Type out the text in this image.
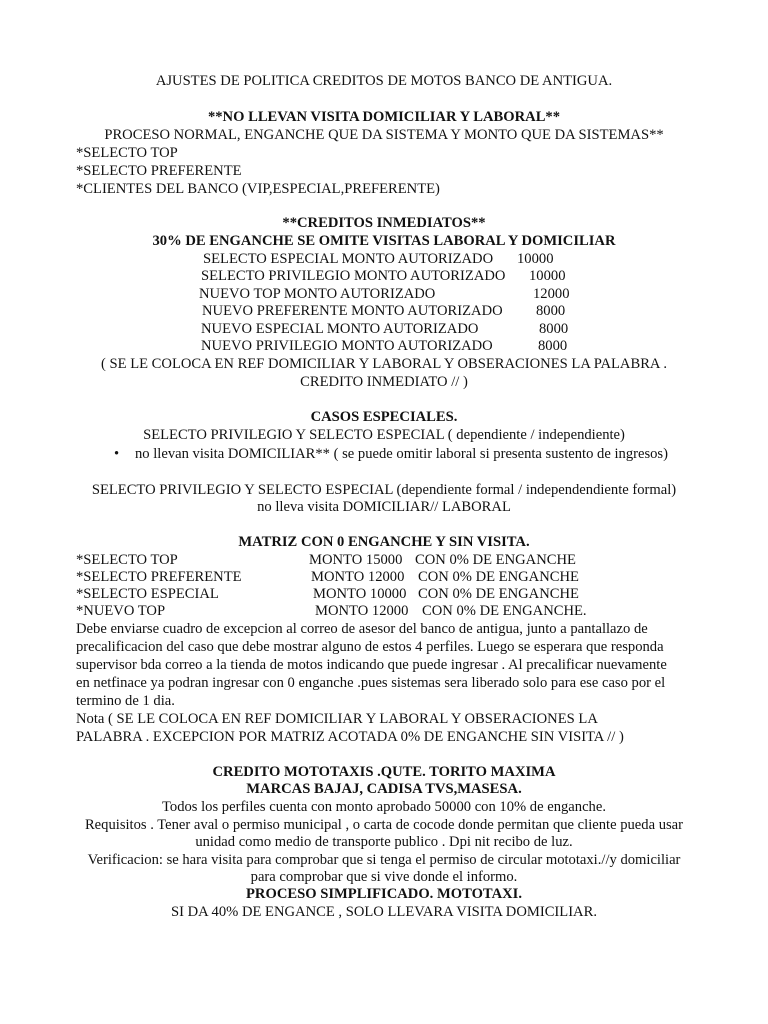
AJUSTES DE POLITICA CREDITOS DE MOTOS BANCO DE ANTIGUA.
**NO LLEVAN VISITA DOMICILIAR Y LABORAL**
PROCESO NORMAL, ENGANCHE QUE DA SISTEMA Y MONTO QUE DA SISTEMAS**
*SELECTO TOP
*SELECTO PREFERENTE
*CLIENTES DEL BANCO (VIP,ESPECIAL,PREFERENTE)
**CREDITOS INMEDIATOS**
30% DE ENGANCHE SE OMITE VISITAS LABORAL Y DOMICILIAR
SELECTO ESPECIAL MONTO AUTORIZADO 10000
SELECTO PRIVILEGIO MONTO AUTORIZADO 10000
NUEVO TOP MONTO AUTORIZADO	12000
NUEVO PREFERENTE MONTO AUTORIZADO 8000
NUEVO ESPECIAL MONTO AUTORIZADO	8000
NUEVO PRIVILEGIO MONTO AUTORIZADO	8000
( SE LE COLOCA EN REF DOMICILIAR Y LABORAL Y OBSERACIONES LA PALABRA .
CREDITO INMEDIATO // )
CASOS ESPECIALES.
SELECTO PRIVILEGIO Y SELECTO ESPECIAL ( dependiente / independiente)
• no llevan visita DOMICILIAR** ( se puede omitir laboral si presenta sustento de ingresos)
SELECTO PRIVILEGIO Y SELECTO ESPECIAL (dependiente formal / independendiente formal)
no lleva visita DOMICILIAR// LABORAL
MATRIZ CON 0 ENGANCHE Y SIN VISITA.
*SELECTO TOP	MONTO 15000 CON 0% DE ENGANCHE
*SELECTO PREFERENTE	MONTO 12000 CON 0% DE ENGANCHE
*SELECTO ESPECIAL	MONTO 10000 CON 0% DE ENGANCHE
*NUEVO TOP	MONTO 12000 CON 0% DE ENGANCHE.
Debe enviarse cuadro de excepcion al correo de asesor del banco de antigua, junto a pantallazo de
precalificacion del caso que debe mostrar alguno de estos 4 perfiles. Luego se esperara que responda
supervisor bda correo a la tienda de motos indicando que puede ingresar . Al precalificar nuevamente
en netfinace ya podran ingresar con 0 enganche .pues sistemas sera liberado solo para ese caso por el
termino de 1 dia.
Nota ( SE LE COLOCA EN REF DOMICILIAR Y LABORAL Y OBSERACIONES LA
PALABRA . EXCEPCION POR MATRIZ ACOTADA 0% DE ENGANCHE SIN VISITA // )
CREDITO MOTOTAXIS .QUTE. TORITO MAXIMA
MARCAS BAJAJ, CADISA TVS,MASESA.
Todos los perfiles cuenta con monto aprobado 50000 con 10% de enganche.
Requisitos . Tener aval o permiso municipal , o carta de cocode donde permitan que cliente pueda usar
unidad como medio de transporte publico . Dpi nit recibo de luz.
Verificacion: se hara visita para comprobar que si tenga el permiso de circular mototaxi.//y domiciliar
para comprobar que si vive donde el informo.
PROCESO SIMPLIFICADO. MOTOTAXI.
SI DA 40% DE ENGANCE , SOLO LLEVARA VISITA DOMICILIAR.
